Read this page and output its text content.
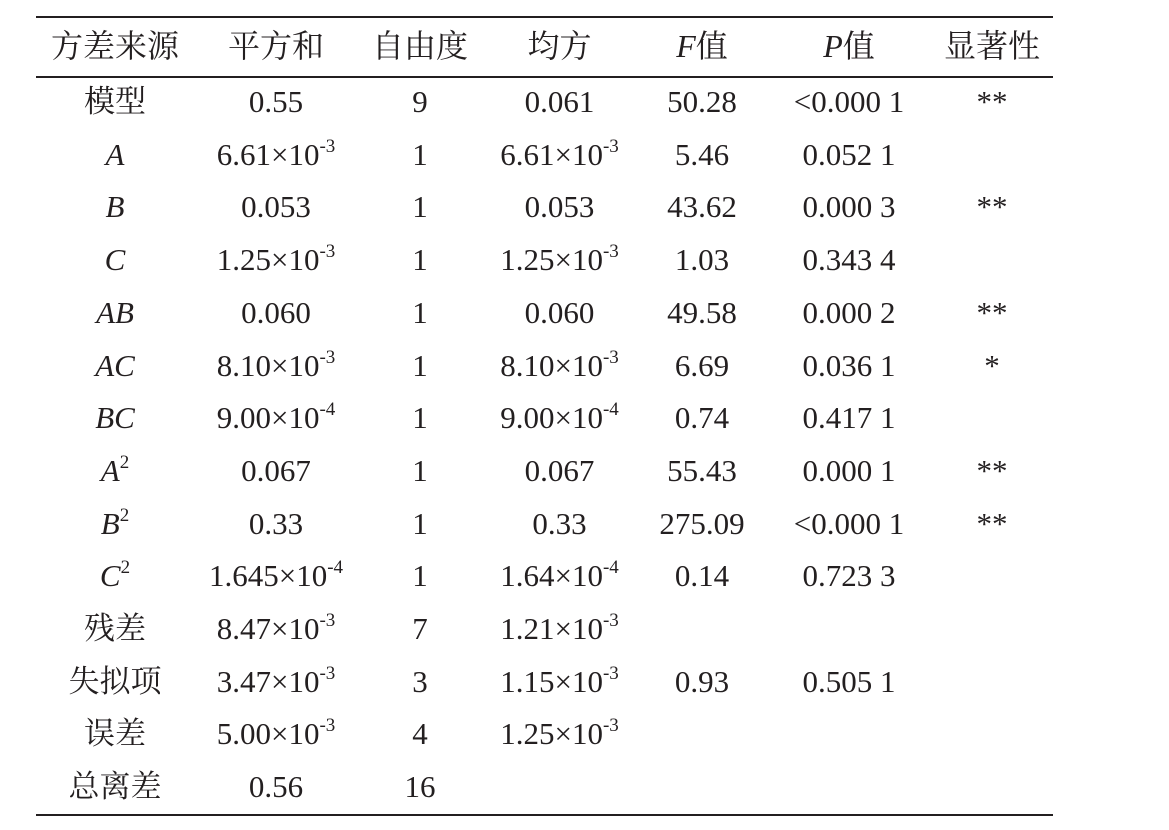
方差来源	平方和	自由度	均方	F值	P值	显著性
模型	0.55	9	0.061	50.28	<0.000 1	**
A	$6.61\times 10^{-3}$	1	$6.61\times 10^{-3}$	5.46	0.052 1
B	0.053	1	0.053	43.62	0.000 3	**
C	$1.25\times 10^{-3}$	1	$1.25\times 10^{-3}$	1.03	0.343 4
AB	0.060	1	0.060	49.58	0.000 2	**
AC	$8.10\times 10^{-3}$	1	$8.10\times 10^{-3}$	6.69	0.036 1	*
BC	$9.00\times 10^{-4}$	1	$9.00\times 10^{-4}$	0.74	0.417 1
$A^2$	0.067	1	0.067	55.43	0.000 1	**
$B^2$	0.33	1	0.33	275.09	<0.000 1	**
$C^2$	$1.645\times 10^{-4}$	1	$1.64\times 10^{-4}$	0.14	0.723 3
残差	$8.47\times 10^{-3}$	7	$1.21\times 10^{-3}$
失拟项	$3.47\times 10^{-3}$	3	$1.15\times 10^{-3}$	0.93	0.505 1
误差	$5.00\times 10^{-3}$	4	$1.25\times 10^{-3}$
总离差	0.56	16
